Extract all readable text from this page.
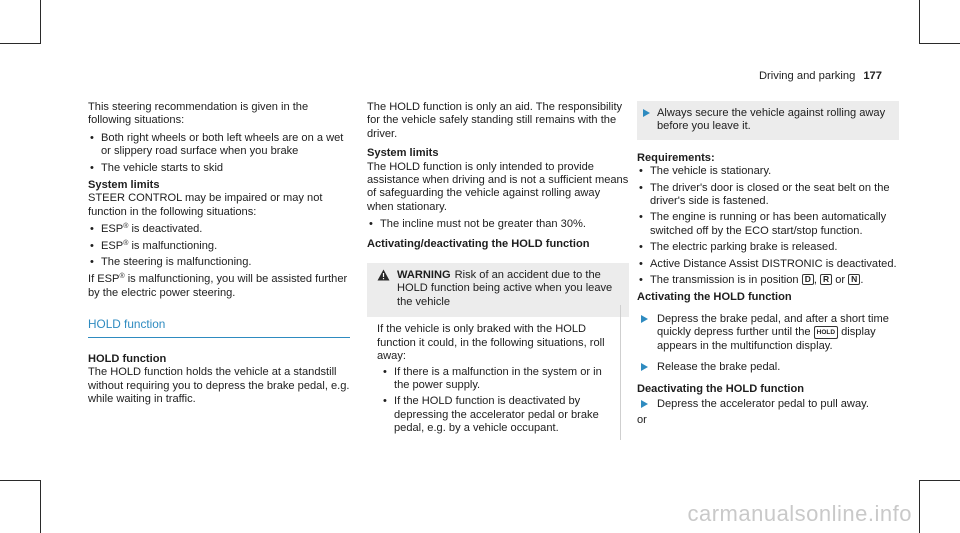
Driving and parking 177

This steering recommendation is given in the following situations:

• Both right wheels or both left wheels are on a wet or slippery road surface when you brake
• The vehicle starts to skid

System limits

STEER CONTROL may be impaired or may not function in the following situations:

• ESP® is deactivated.
• ESP® is malfunctioning.
• The steering is malfunctioning.

If ESP® is malfunctioning, you will be assisted further by the electric power steering.

HOLD function

HOLD function

The HOLD function holds the vehicle at a standstill without requiring you to depress the brake pedal, e.g. while waiting in traffic.

The HOLD function is only an aid. The responsibility for the vehicle safely standing still remains with the driver.

System limits

The HOLD function is only intended to provide assistance when driving and is not a sufficient means of safeguarding the vehicle against rolling away when stationary.

• The incline must not be greater than 30%.

Activating/deactivating the HOLD function

WARNING Risk of an accident due to the HOLD function being active when you leave the vehicle

If the vehicle is only braked with the HOLD function it could, in the following situations, roll away:

• If there is a malfunction in the system or in the power supply.
• If the HOLD function is deactivated by depressing the accelerator pedal or brake pedal, e.g. by a vehicle occupant.
Always secure the vehicle against rolling away before you leave it.

Requirements:

• The vehicle is stationary.
• The driver's door is closed or the seat belt on the driver's side is fastened.
• The engine is running or has been automatically switched off by the ECO start/stop function.
• The electric parking brake is released.
• Active Distance Assist DISTRONIC is deactivated.
• The transmission is in position D , R or N .

Activating the HOLD function

Depress the brake pedal, and after a short time quickly depress further until the HOLD display appears in the multifunction display.
Release the brake pedal.

Deactivating the HOLD function

Depress the accelerator pedal to pull away.

or

carmanualsonline.info
